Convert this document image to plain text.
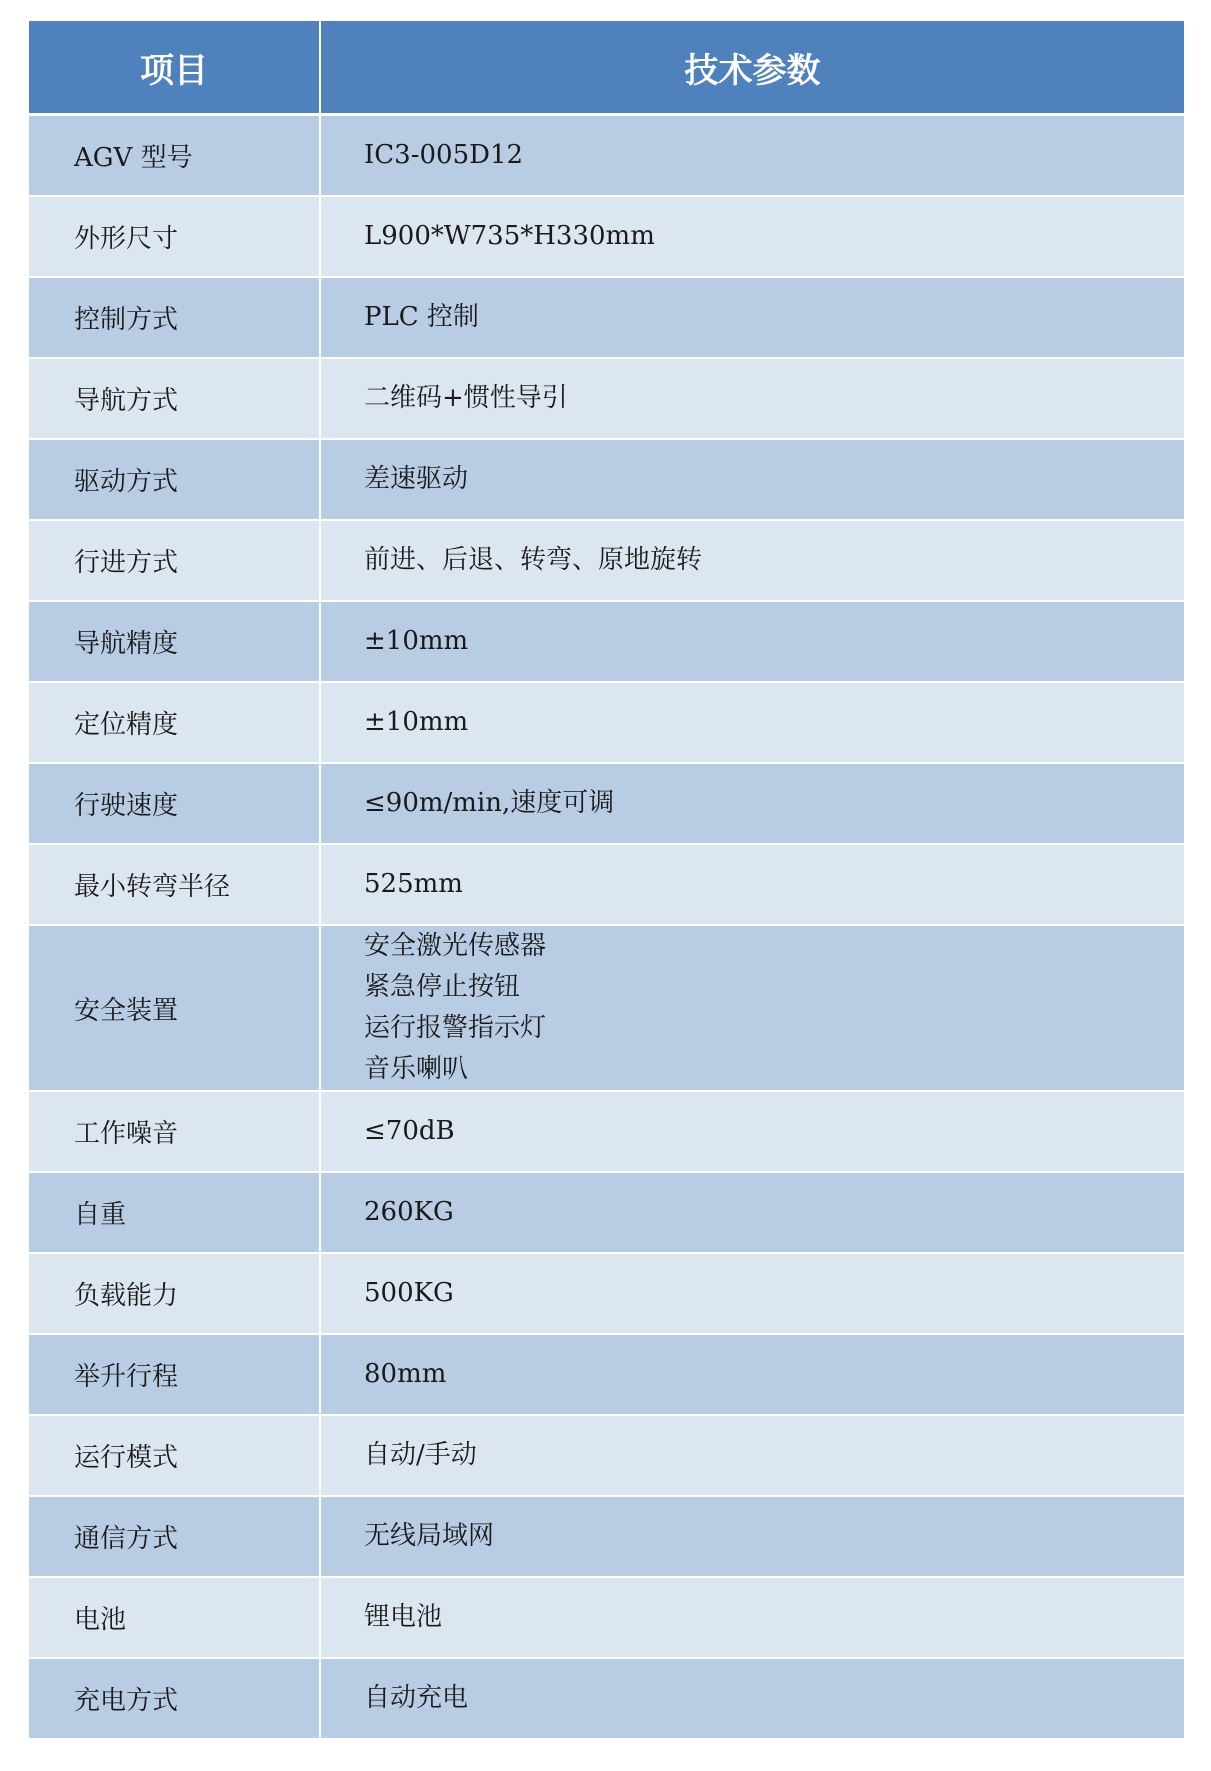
项目	技术参数
AGV 型号	IC3-005D12

外形尺寸	L900*W735*H330mm

控制方式	PLC 控制

导航方式	二维码+惯性导引

驱动方式	差速驱动

行进方式	前进、后退、转弯、原地旋转

导航精度	±10mm

定位精度	±10mm

行驶速度	≤90m/min,速度可调

最小转弯半径	525mm

安全装置	安全激光传感器
紧急停止按钮
运行报警指示灯
音乐喇叭

工作噪音	≤70dB

自重	260KG

负载能力	500KG

举升行程	80mm

运行模式	自动/手动

通信方式	无线局域网

电池	锂电池

充电方式	自动充电
